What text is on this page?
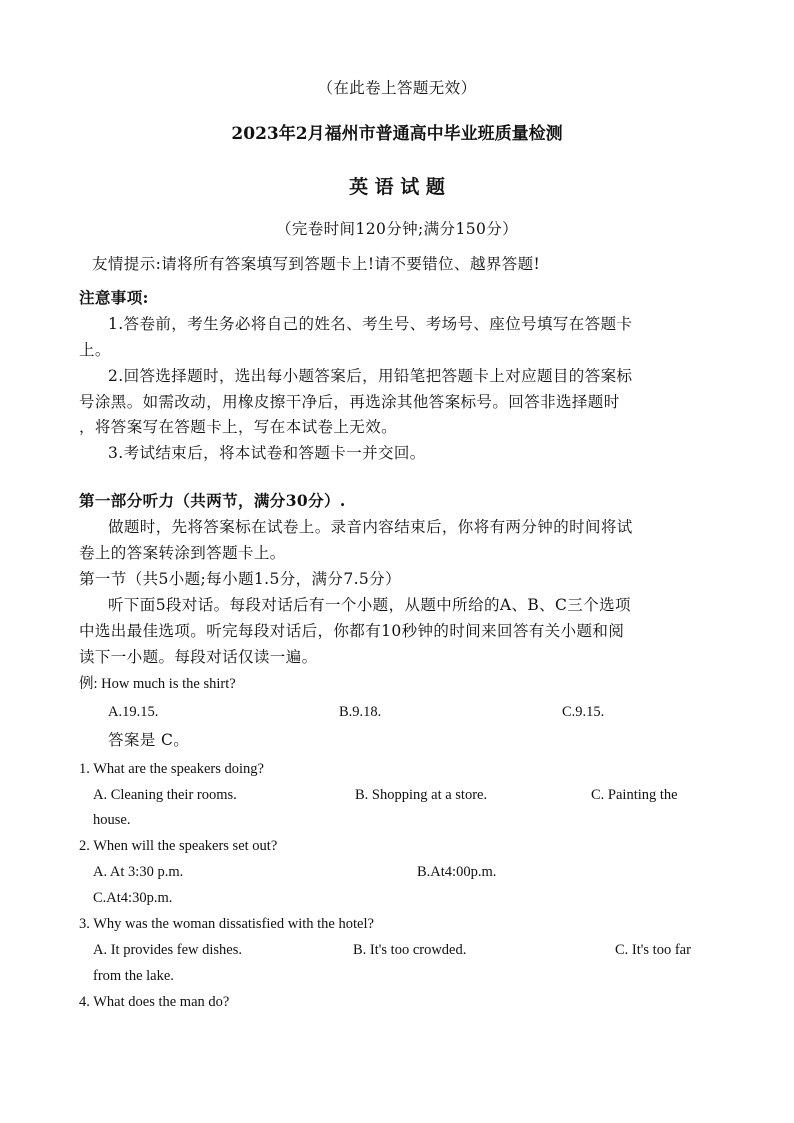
（在此卷上答题无效）
2023年2月福州市普通高中毕业班质量检测
英 语 试 题
（完卷时间120分钟;满分150分）
友情提示:请将所有答案填写到答题卡上!请不要错位、越界答题!
注意事项:
1.答卷前，考生务必将自己的姓名、考生号、考场号、座位号填写在答题卡
上。
2.回答选择题时，选出每小题答案后，用铅笔把答题卡上对应题目的答案标
号涂黑。如需改动，用橡皮擦干净后，再选涂其他答案标号。回答非选择题时
，将答案写在答题卡上，写在本试卷上无效。
3.考试结束后，将本试卷和答题卡一并交回。
第一部分听力（共两节，满分30分）.
做题时，先将答案标在试卷上。录音内容结束后，你将有两分钟的时间将试
卷上的答案转涂到答题卡上。
第一节（共5小题;每小题1.5分，满分7.5分）
听下面5段对话。每段对话后有一个小题，从题中所给的A、B、C三个选项
中选出最佳选项。听完每段对话后，你都有10秒钟的时间来回答有关小题和阅
读下一小题。每段对话仅读一遍。
例: How much is the shirt?
A.19.15.	B.9.18.	C.9.15.
答案是 C。
1. What are the speakers doing?
A. Cleaning their rooms.	B. Shopping at a store.	C. Painting the
house.
2. When will the speakers set out?
A. At 3:30 p.m.	B.At4:00p.m.
C.At4:30p.m.
3. Why was the woman dissatisfied with the hotel?
A. It provides few dishes.	B. It's too crowded.	C. It's too far
from the lake.
4. What does the man do?
